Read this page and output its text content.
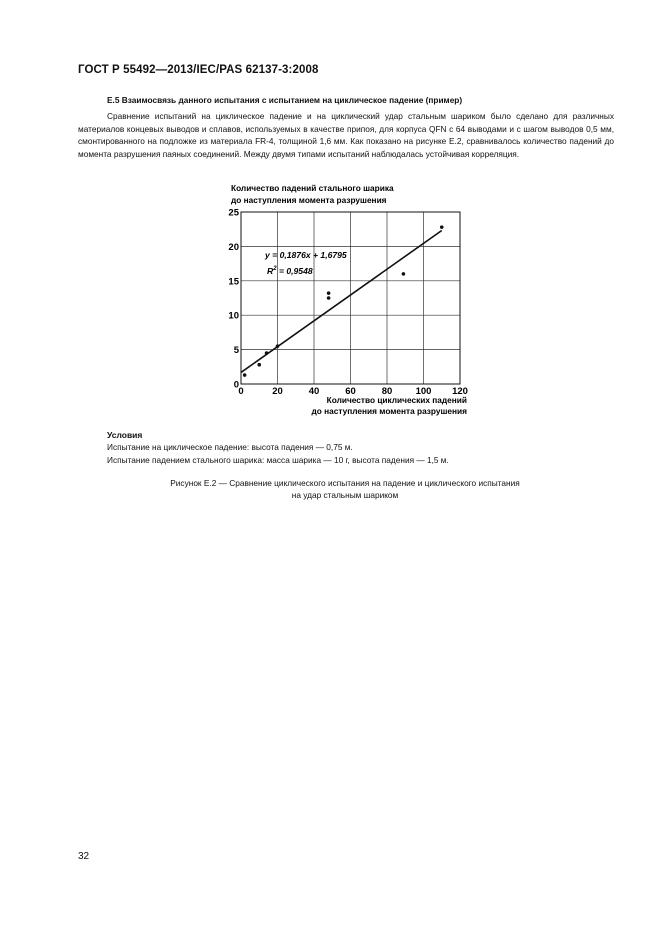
ГОСТ Р 55492—2013/IEC/PAS 62137-3:2008
Е.5 Взаимосвязь данного испытания с испытанием на циклическое падение (пример)
Сравнение испытаний на циклическое падение и на циклический удар стальным шариком было сделано для различных материалов концевых выводов и сплавов, используемых в качестве припоя, для корпуса QFN с 64 выводами и с шагом выводов 0,5 мм, смонтированного на подложке из материала FR-4, толщиной 1,6 мм. Как показано на рисунке Е.2, сравнивалось количество падений до момента разрушения паяных соединений. Между двумя типами испытаний наблюдалась устойчивая корреляция.
Количество падений стального шарика
до наступления момента разрушения
0
5
10
15
20
25
0	20	40	60	80 100 120
y = 0,1876x + 1,6795
$R^2 = 0,9548$
Количество циклических падений
до наступления момента разрушения
Условия
Испытание на циклическое падение: высота падения — 0,75 м.
Испытание падением стального шарика: масса шарика — 10 г, высота падения — 1,5 м.
Рисунок Е.2 — Сравнение циклического испытания на падение и циклического испытания
на удар стальным шариком
32
